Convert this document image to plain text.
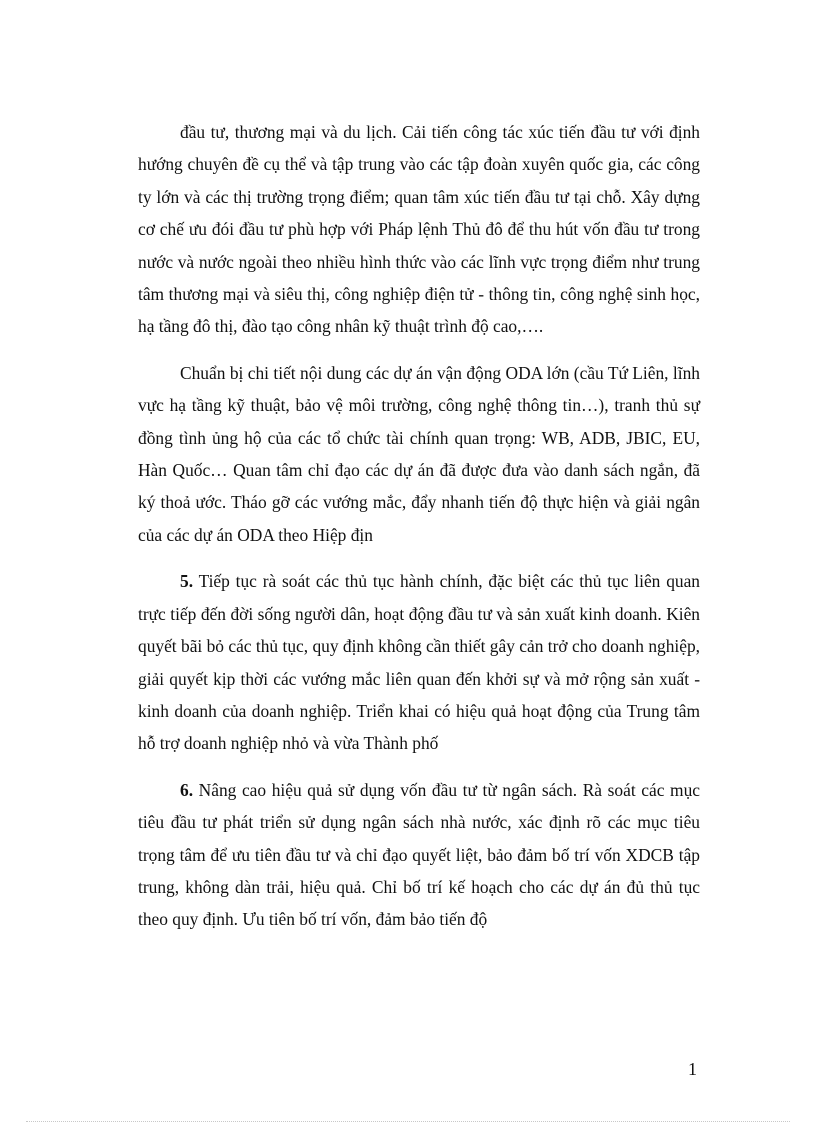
đầu tư, thương mại và du lịch. Cải tiến công tác xúc tiến đầu tư với định hướng chuyên đề cụ thể và tập trung vào các tập đoàn xuyên quốc gia, các công ty lớn và các thị trường trọng điểm; quan tâm xúc tiến đầu tư tại chỗ. Xây dựng cơ chế ưu đói đầu tư phù hợp với Pháp lệnh Thủ đô để thu hút vốn đầu tư trong nước và nước ngoài theo nhiều hình thức vào các lĩnh vực trọng điểm như trung tâm thương mại và siêu thị, công nghiệp điện tử - thông tin, công nghệ sinh học, hạ tầng đô thị, đào tạo công nhân kỹ thuật trình độ cao,….

Chuẩn bị chi tiết nội dung các dự án vận động ODA lớn (cầu Tứ Liên, lĩnh vực hạ tầng kỹ thuật, bảo vệ môi trường, công nghệ thông tin…), tranh thủ sự đồng tình ủng hộ của các tổ chức tài chính quan trọng: WB, ADB, JBIC, EU, Hàn Quốc… Quan tâm chỉ đạo các dự án đã được đưa vào danh sách ngắn, đã ký thoả ước. Tháo gỡ các vướng mắc, đẩy nhanh tiến độ thực hiện và giải ngân của các dự án ODA theo Hiệp địn

5. Tiếp tục rà soát các thủ tục hành chính, đặc biệt các thủ tục liên quan trực tiếp đến đời sống người dân, hoạt động đầu tư và sản xuất kinh doanh. Kiên quyết bãi bỏ các thủ tục, quy định không cần thiết gây cản trở cho doanh nghiệp, giải quyết kịp thời các vướng mắc liên quan đến khởi sự và mở rộng sản xuất - kinh doanh của doanh nghiệp. Triển khai có hiệu quả hoạt động của Trung tâm hỗ trợ doanh nghiệp nhỏ và vừa Thành phố

6. Nâng cao hiệu quả sử dụng vốn đầu tư từ ngân sách. Rà soát các mục tiêu đầu tư phát triển sử dụng ngân sách nhà nước, xác định rõ các mục tiêu trọng tâm để ưu tiên đầu tư và chỉ đạo quyết liệt, bảo đảm bố trí vốn XDCB tập trung, không dàn trải, hiệu quả. Chỉ bố trí kế hoạch cho các dự án đủ thủ tục theo quy định. Ưu tiên bố trí vốn, đảm bảo tiến độ

1
